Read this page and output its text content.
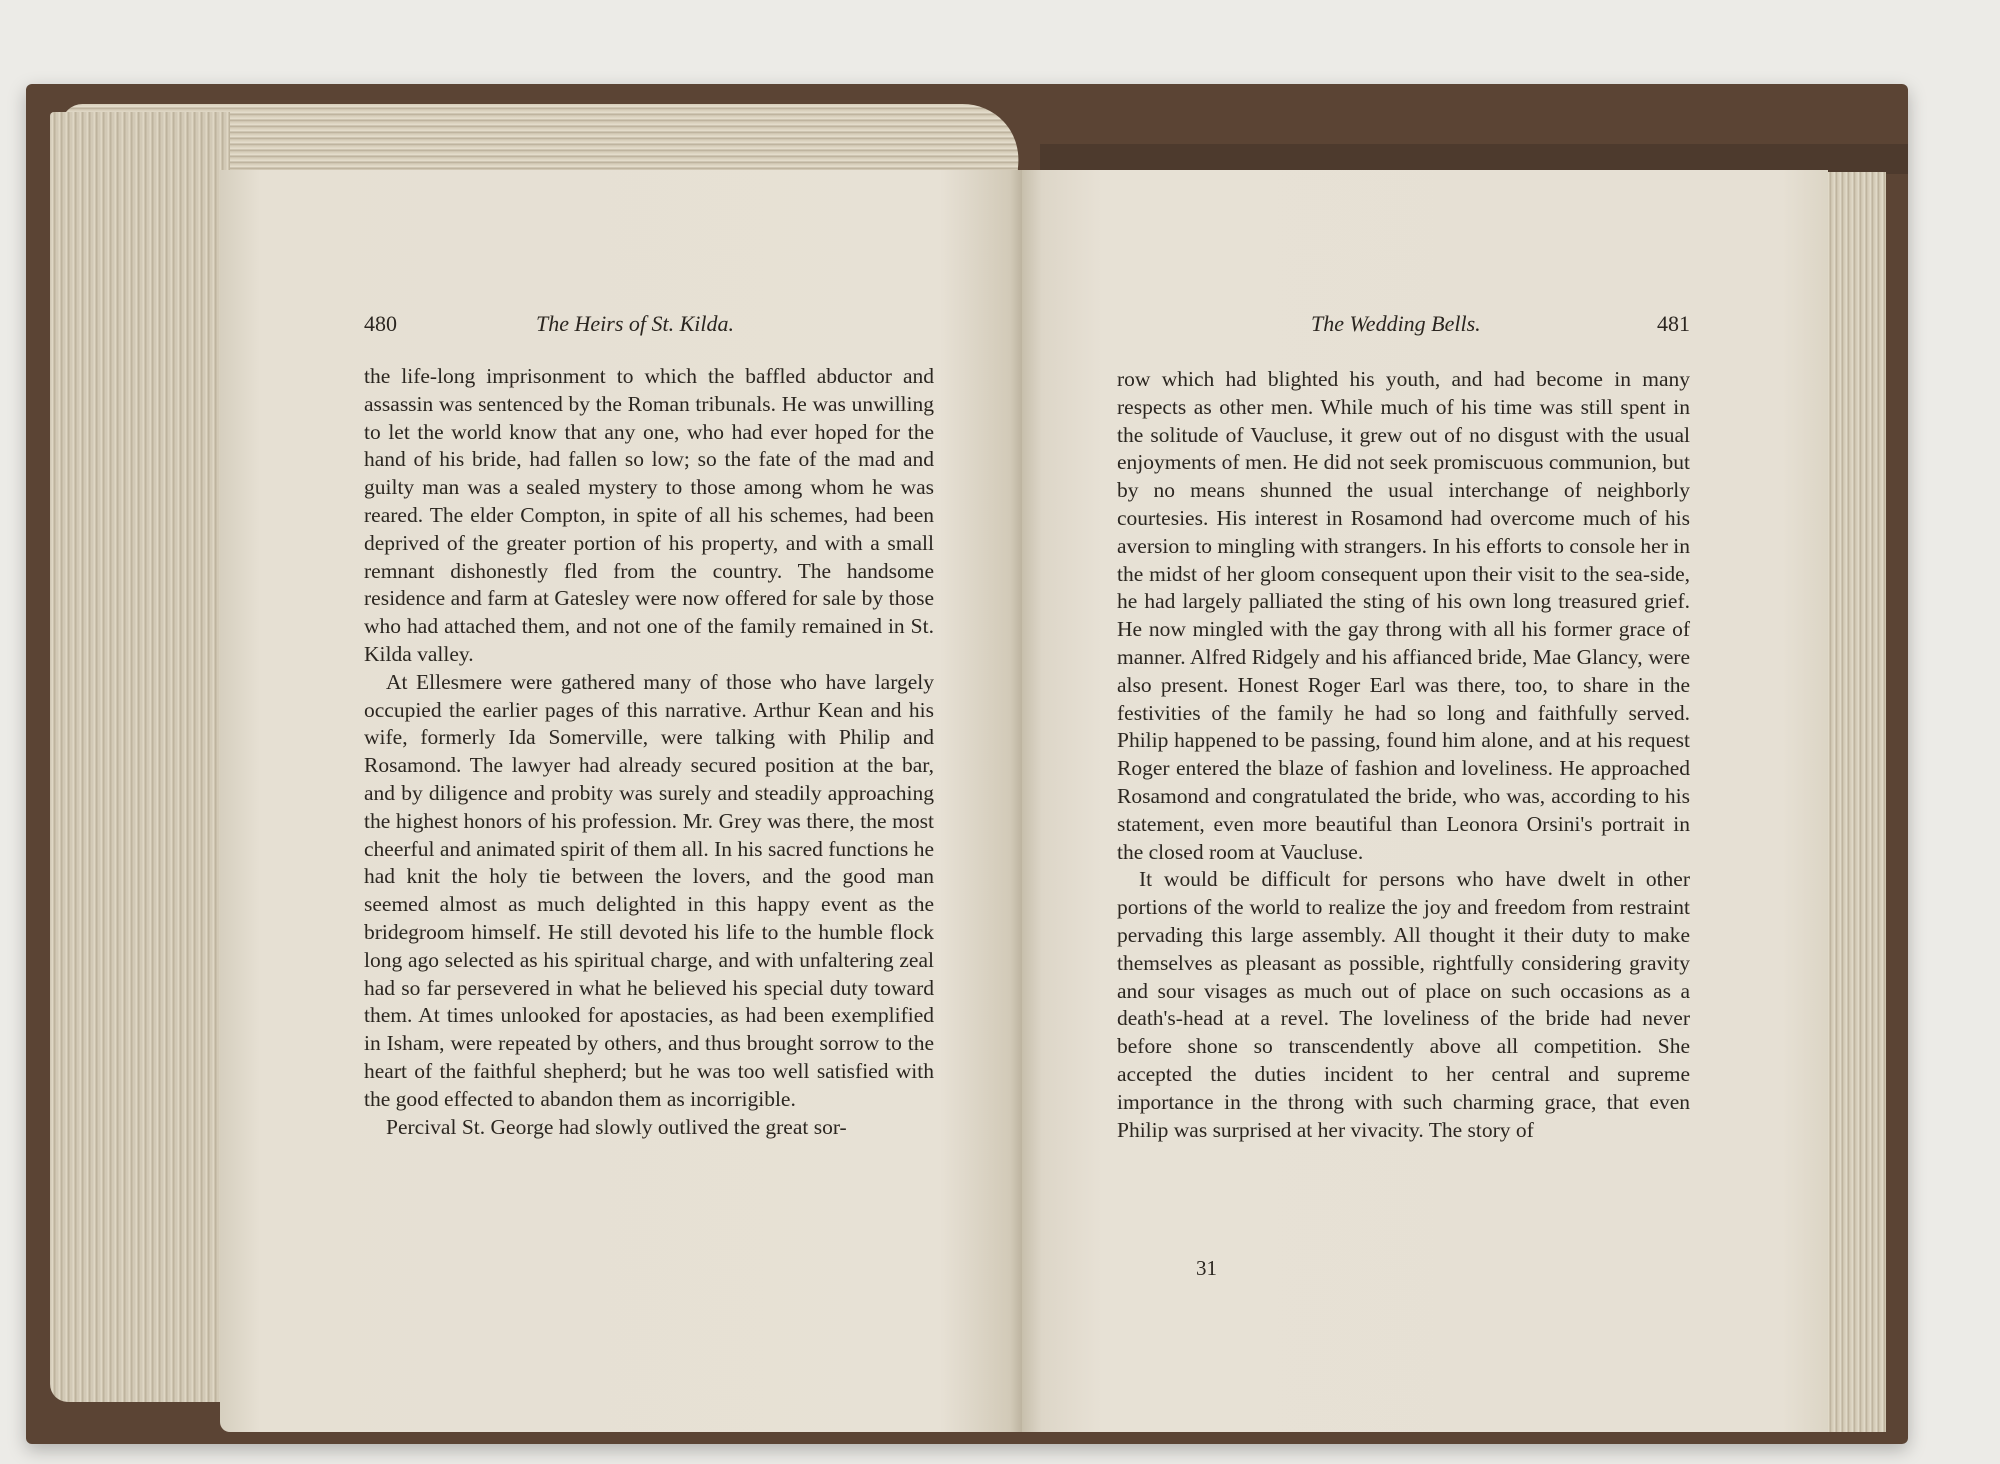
480	The Heirs of St. Kilda.	The Wedding Bells.	481

the life-long imprisonment to which the baffled abductor and assassin was sentenced by the Roman tribunals. He was unwilling to let the world know that any one, who had ever hoped for the hand of his bride, had fallen so low; so the fate of the mad and guilty man was a sealed mystery to those among whom he was reared. The elder Compton, in spite of all his schemes, had been deprived of the greater portion of his property, and with a small remnant dishonestly fled from the country. The handsome residence and farm at Gatesley were now offered for sale by those who had attached them, and not one of the family remained in St. Kilda valley.

At Ellesmere were gathered many of those who have largely occupied the earlier pages of this narrative. Arthur Kean and his wife, formerly Ida Somerville, were talking with Philip and Rosamond. The lawyer had already secured position at the bar, and by diligence and probity was surely and steadily approaching the highest honors of his profession. Mr. Grey was there, the most cheerful and animated spirit of them all. In his sacred functions he had knit the holy tie between the lovers, and the good man seemed almost as much delighted in this happy event as the bridegroom himself. He still devoted his life to the humble flock long ago selected as his spiritual charge, and with unfaltering zeal had so far persevered in what he believed his special duty toward them. At times unlooked for apostacies, as had been exemplified in Isham, were repeated by others, and thus brought sorrow to the heart of the faithful shepherd; but he was too well satisfied with the good effected to abandon them as incorrigible.

Percival St. George had slowly outlived the great sor-

row which had blighted his youth, and had become in many respects as other men. While much of his time was still spent in the solitude of Vaucluse, it grew out of no disgust with the usual enjoyments of men. He did not seek promiscuous communion, but by no means shunned the usual interchange of neighborly courtesies. His interest in Rosamond had overcome much of his aversion to mingling with strangers. In his efforts to console her in the midst of her gloom consequent upon their visit to the sea-side, he had largely palliated the sting of his own long treasured grief. He now mingled with the gay throng with all his former grace of manner. Alfred Ridgely and his affianced bride, Mae Glancy, were also present. Honest Roger Earl was there, too, to share in the festivities of the family he had so long and faithfully served. Philip happened to be passing, found him alone, and at his request Roger entered the blaze of fashion and loveliness. He approached Rosamond and congratulated the bride, who was, according to his statement, even more beautiful than Leonora Orsini's portrait in the closed room at Vaucluse.

It would be difficult for persons who have dwelt in other portions of the world to realize the joy and freedom from restraint pervading this large assembly. All thought it their duty to make themselves as pleasant as possible, rightfully considering gravity and sour visages as much out of place on such occasions as a death's-head at a revel. The loveliness of the bride had never before shone so transcendently above all competition. She accepted the duties incident to her central and supreme importance in the throng with such charming grace, that even Philip was surprised at her vivacity. The story of

31
